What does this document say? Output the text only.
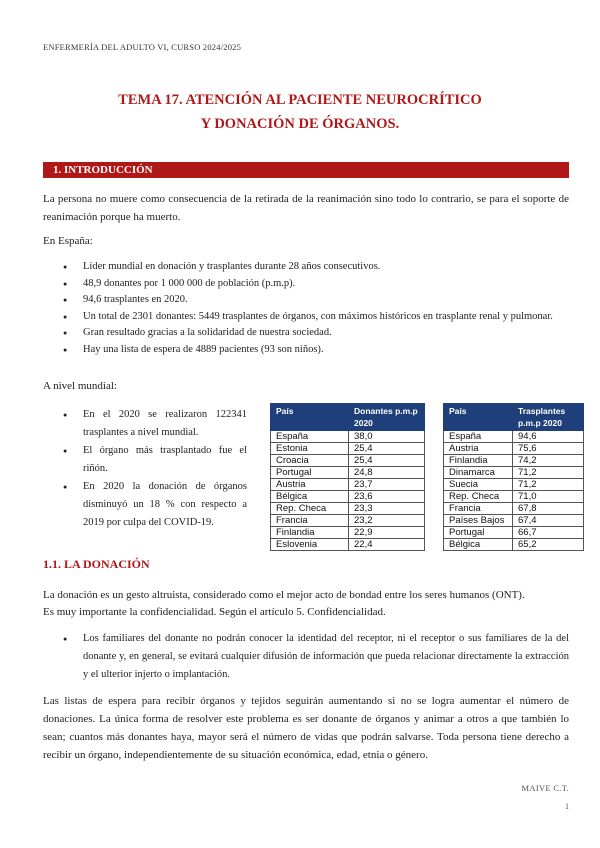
ENFERMERÍA DEL ADULTO VI, CURSO 2024/2025
TEMA 17. ATENCIÓN AL PACIENTE NEUROCRÍTICO
Y DONACIÓN DE ÓRGANOS.
1. INTRODUCCIÓN
La persona no muere como consecuencia de la retirada de la reanimación sino todo lo contrario, se para el soporte de reanimación porque ha muerto.
En España:
● Líder mundial en donación y trasplantes durante 28 años consecutivos.
● 48,9 donantes por 1 000 000 de población (p.m.p).
● 94,6 trasplantes en 2020.
● Un total de 2301 donantes: 5449 trasplantes de órganos, con máximos históricos en trasplante renal y pulmonar.
● Gran resultado gracias a la solidaridad de nuestra sociedad.
● Hay una lista de espera de 4889 pacientes (93 son niños).
A nivel mundial:
● En el 2020 se realizaron 122341 trasplantes a nivel mundial.
● El órgano más trasplantado fue el riñón.
● En 2020 la donación de órganos disminuyó un 18 % con respecto a 2019 por culpa del COVID-19.
País	Donantes p.m.p 2020
España	38,0
Estonia	25,4
Croacia	25,4
Portugal	24,8
Austria	23,7
Bélgica	23,6
Rep. Checa	23,3
Francia	23,2
Finlandia	22,9
Eslovenia	22,4
País	Trasplantes p.m.p 2020
España	94,6
Austria	75,6
Finlandia	74,2
Dinamarca	71,2
Suecia	71,2
Rep. Checa	71,0
Francia	67,8
Países Bajos	67,4
Portugal	66,7
Bélgica	65,2
1.1. LA DONACIÓN
La donación es un gesto altruista, considerado como el mejor acto de bondad entre los seres humanos (ONT).
Es muy importante la confidencialidad. Según el artículo 5. Confidencialidad.
● Los familiares del donante no podrán conocer la identidad del receptor, ni el receptor o sus familiares de la del donante y, en general, se evitará cualquier difusión de información que pueda relacionar directamente la extracción y el ulterior injerto o implantación.
Las listas de espera para recibir órganos y tejidos seguirán aumentando si no se logra aumentar el número de donaciones. La única forma de resolver este problema es ser donante de órganos y animar a otros a que también lo sean; cuantos más donantes haya, mayor será el número de vidas que podrán salvarse. Toda persona tiene derecho a recibir un órgano, independientemente de su situación económica, edad, etnia o género.
MAIVE C.T.
1
